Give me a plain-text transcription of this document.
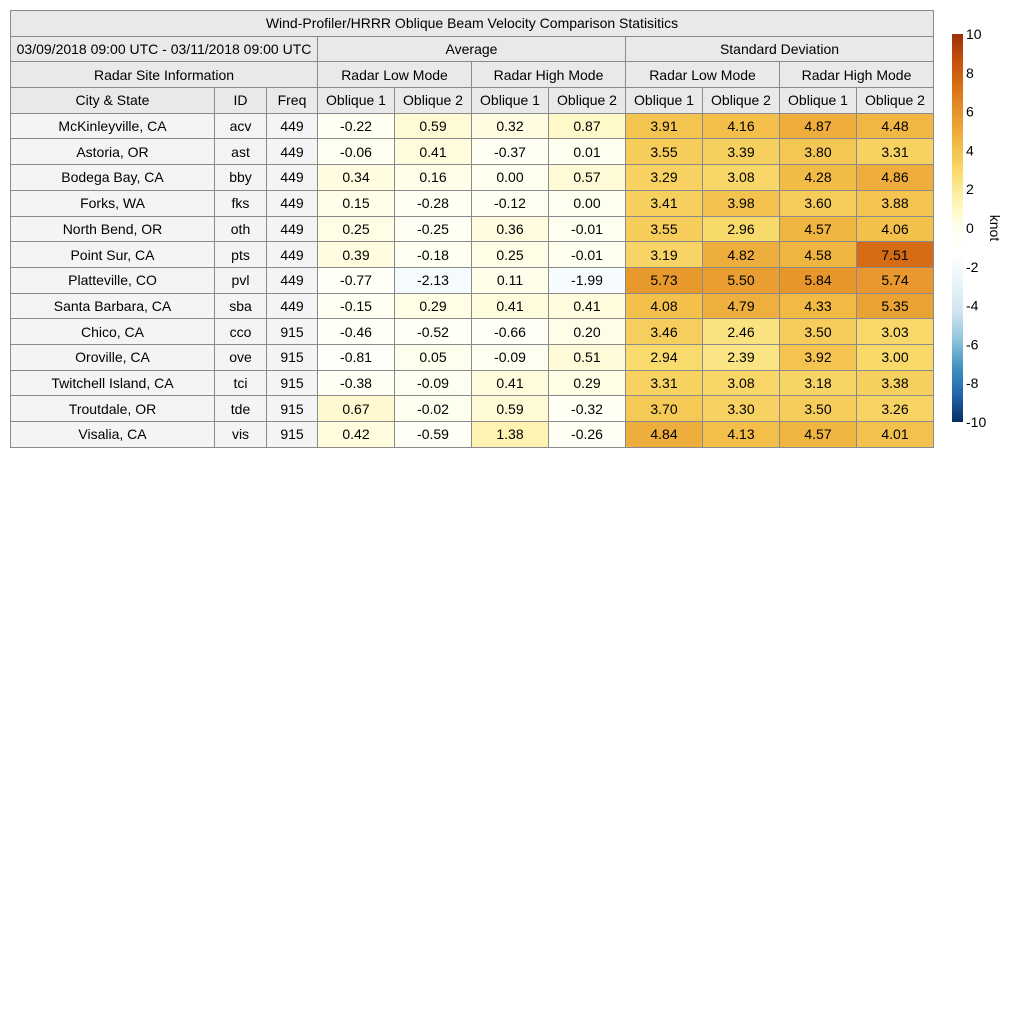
Wind-Profiler/HRRR Oblique Beam Velocity Comparison Statisitics										
03/09/2018 09:00 UTC - 03/11/2018 09:00 UTC			Average				Standard Deviation			
Radar Site Information			Radar Low Mode		Radar High Mode		Radar Low Mode		Radar High Mode	
City & State	ID	Freq	Oblique 1	Oblique 2	Oblique 1	Oblique 2	Oblique 1	Oblique 2	Oblique 1	Oblique 2
McKinleyville, CA	acv	449	-0.22	0.59	0.32	0.87	3.91	4.16	4.87	4.48
Astoria, OR	ast	449	-0.06	0.41	-0.37	0.01	3.55	3.39	3.80	3.31
Bodega Bay, CA	bby	449	0.34	0.16	0.00	0.57	3.29	3.08	4.28	4.86
Forks, WA	fks	449	0.15	-0.28	-0.12	0.00	3.41	3.98	3.60	3.88
North Bend, OR	oth	449	0.25	-0.25	0.36	-0.01	3.55	2.96	4.57	4.06
Point Sur, CA	pts	449	0.39	-0.18	0.25	-0.01	3.19	4.82	4.58	7.51
Platteville, CO	pvl	449	-0.77	-2.13	0.11	-1.99	5.73	5.50	5.84	5.74
Santa Barbara, CA	sba	449	-0.15	0.29	0.41	0.41	4.08	4.79	4.33	5.35
Chico, CA	cco	915	-0.46	-0.52	-0.66	0.20	3.46	2.46	3.50	3.03
Oroville, CA	ove	915	-0.81	0.05	-0.09	0.51	2.94	2.39	3.92	3.00
Twitchell Island, CA	tci	915	-0.38	-0.09	0.41	0.29	3.31	3.08	3.18	3.38
Troutdale, OR	tde	915	0.67	-0.02	0.59	-0.32	3.70	3.30	3.50	3.26
Visalia, CA	vis	915	0.42	-0.59	1.38	-0.26	4.84	4.13	4.57	4.01
10
8
6
4
2
0
-2
-4
-6
-8
-10
knot
